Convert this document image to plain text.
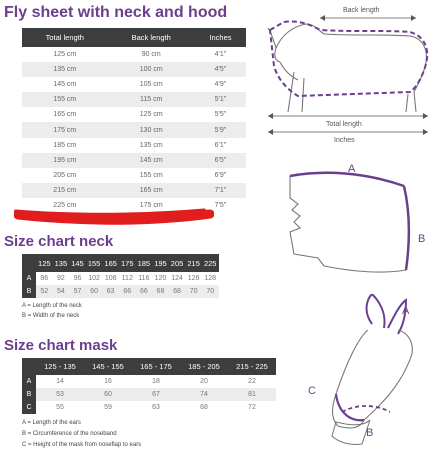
Fly sheet with neck and hood
Size chart neck
Size chart mask
Total length	Back length	Inches
125 cm	90 cm	4'1"
135 cm	100 cm	4'5"
145 cm	105 cm	4'9"
155 cm	115 cm	5'1"
165 cm	125 cm	5'5"
175 cm	130 cm	5'9"
185 cm	135 cm	6'1"
195 cm	145 cm	6'5"
205 cm	155 cm	6'9"
215 cm	165 cm	7'1"
225 cm	175 cm	7'5"
	125	135	145	155	165	175	185	195	205	215	225
A	86	92	96	102	108	112	116	120	124	126	128
B	52	54	57	60	63	66	66	68	68	70	70
A = Length of the neck
B = Width of the neck
	125 - 135	145 - 155	165 - 175	185 - 205	215 - 225
A	14	16	18	20	22
B	53	60	67	74	81
C	55	59	63	68	72
A = Length of the ears
B = Circumference of the noseband
C = Height of the mask from noseflap to ears
Back length
Total length
Inches
A
B
A
C
B
